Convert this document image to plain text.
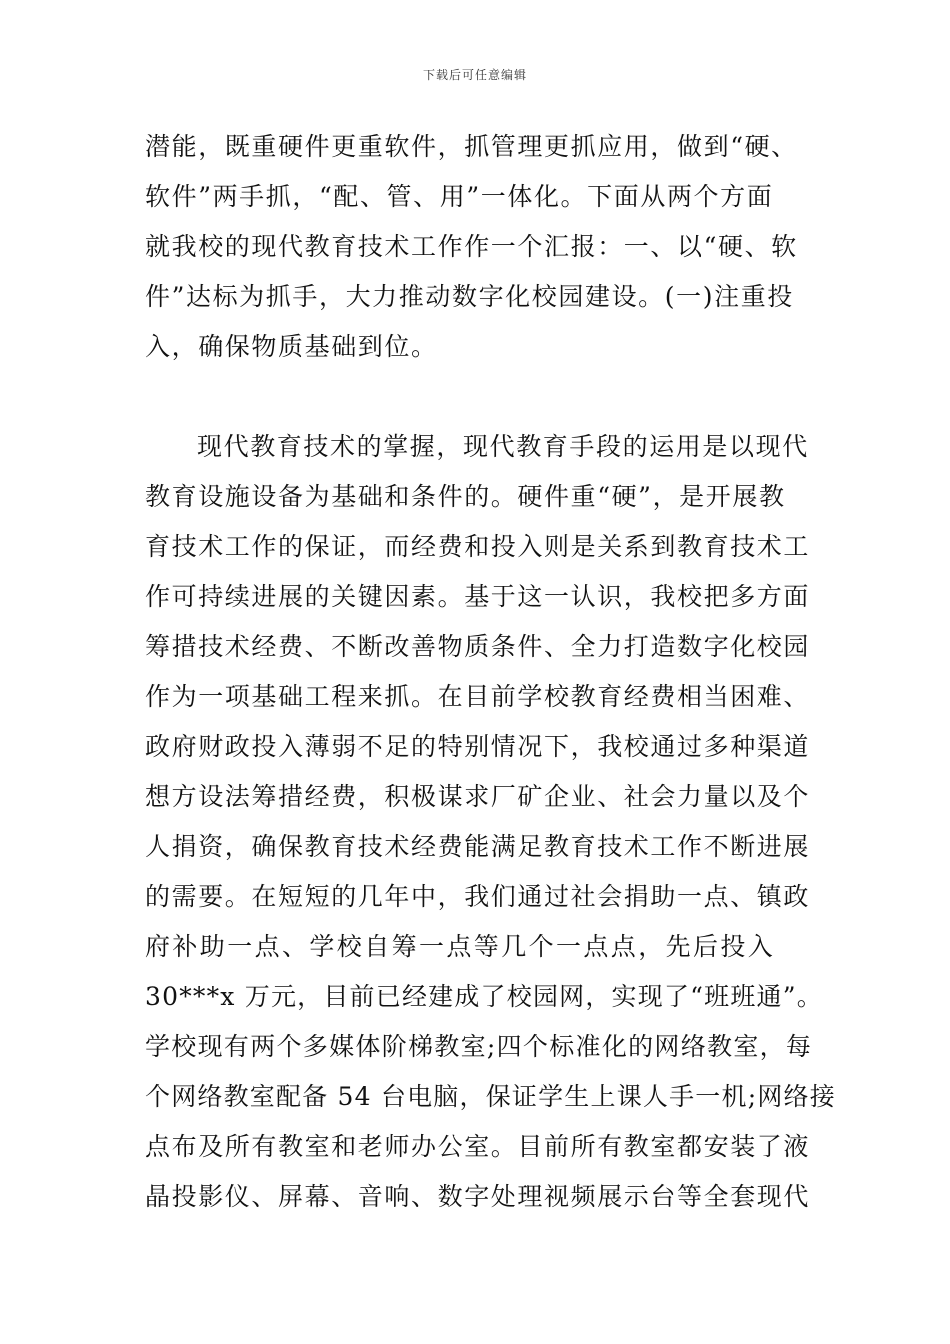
下载后可任意编辑
潜能，既重硬件更重软件，抓管理更抓应用，做到“硬、
软件”两手抓，“配、管、用”一体化。下面从两个方面
就我校的现代教育技术工作作一个汇报：一、以“硬、软
件”达标为抓手，大力推动数字化校园建设。(一)注重投
入，确保物质基础到位。
现代教育技术的掌握，现代教育手段的运用是以现代
教育设施设备为基础和条件的。硬件重“硬”，是开展教
育技术工作的保证，而经费和投入则是关系到教育技术工
作可持续进展的关键因素。基于这一认识，我校把多方面
筹措技术经费、不断改善物质条件、全力打造数字化校园
作为一项基础工程来抓。在目前学校教育经费相当困难、
政府财政投入薄弱不足的特别情况下，我校通过多种渠道
想方设法筹措经费，积极谋求厂矿企业、社会力量以及个
人捐资，确保教育技术经费能满足教育技术工作不断进展
的需要。在短短的几年中，我们通过社会捐助一点、镇政
府补助一点、学校自筹一点等几个一点点，先后投入
30***x 万元，目前已经建成了校园网，实现了“班班通”。
学校现有两个多媒体阶梯教室;四个标准化的网络教室，每
个网络教室配备 54 台电脑，保证学生上课人手一机;网络接
点布及所有教室和老师办公室。目前所有教室都安装了液
晶投影仪、屏幕、音响、数字处理视频展示台等全套现代
